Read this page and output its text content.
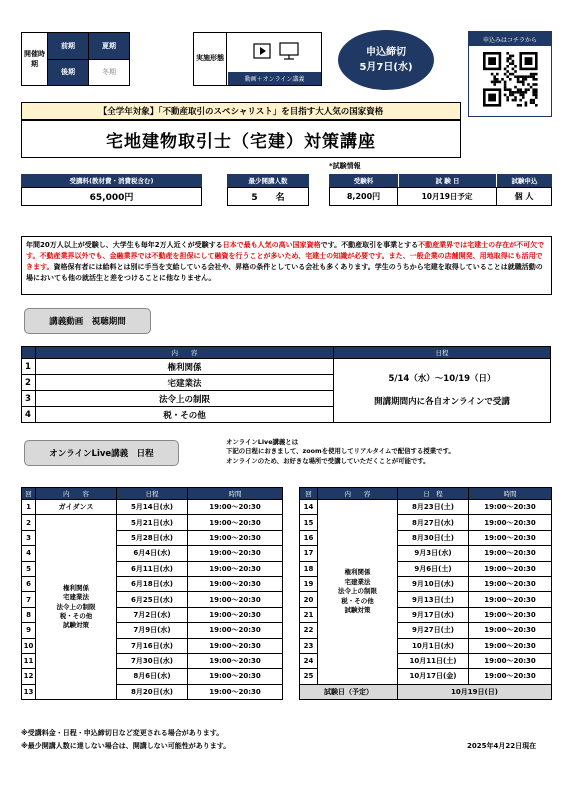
開催時期	前期	夏期
	後期	冬期
実施形態
動画＋オンライン講義
申込締切
5月7日(水)
申込みはコチラから
【全学年対象】「不動産取引のスペシャリスト」を目指す大人気の国家資格
宅地建物取引士（宅建）対策講座
*試験情報
受講料(教材費・消費税含む)
65,000円
最少開講人数
5　　名
受験料	試 験 日	試験申込
8,200円	10月19日予定	個 人
年間20万人以上が受験し、大学生も毎年2万人近くが受験する日本で最も人気の高い国家資格です。不動産取引を事業とする不動産業界では宅建士の存在が不可欠です。不動産業界以外でも、金融業界では不動産を担保にして融資を行うことが多いため、宅建士の知識が必要です。また、一般企業の店舗開発、用地取得にも活用できます。資格保有者には給料とは別に手当を支給している会社や、昇格の条件としている会社も多くあります。学生のうちから宅建を取得していることは就職活動の場においても他の就活生と差をつけることに他なりません。
講義動画　視聴期間
	内　　容	日程
1	権利関係	5/14（水）～10/19（日）
開講期間内に各自オンラインで受講

2	宅建業法	
3	法令上の制限	
4	税・その他	
オンラインLive講義　日程
オンラインLive講義とは
下記の日程におきまして、zoomを使用してリアルタイムで配信する授業です。
オンラインのため、お好きな場所で受講していただくことが可能です。
回	内　　容	日程	時間
1	ガイダンス	5月14日(水)	19:00～20:30
2	権利関係
宅建業法
法令上の制限
税・その他
試験対策	5月21日(水)	19:00～20:30
3		5月28日(水)	19:00～20:30
4		6月4日(水)	19:00～20:30
5		6月11日(水)	19:00～20:30
6		6月18日(水)	19:00～20:30
7		6月25日(水)	19:00～20:30
8		7月2日(水)	19:00～20:30
9		7月9日(水)	19:00～20:30
10		7月16日(水)	19:00～20:30
11		7月30日(水)	19:00～20:30
12		8月6日(水)	19:00～20:30
13		8月20日(水)	19:00～20:30
回	内　　容	日　程	時間
14	権利関係
宅建業法
法令上の制限
税・その他
試験対策	8月23日(土)	19:00～20:30
15		8月27日(水)	19:00～20:30
16		8月30日(土)	19:00～20:30
17		9月3日(水)	19:00～20:30
18		9月6日(土)	19:00～20:30
19		9月10日(水)	19:00～20:30
20		9月13日(土)	19:00～20:30
21		9月17日(水)	19:00～20:30
22		9月27日(土)	19:00～20:30
23		10月1日(水)	19:00～20:30
24		10月11日(土)	19:00～20:30
25		10月17日(金)	19:00～20:30
試験日（予定）		10月19日(日)	
※受講料金・日程・申込締切日など変更される場合があります。
※最少開講人数に達しない場合は、開講しない可能性があります。	2025年4月22日現在
